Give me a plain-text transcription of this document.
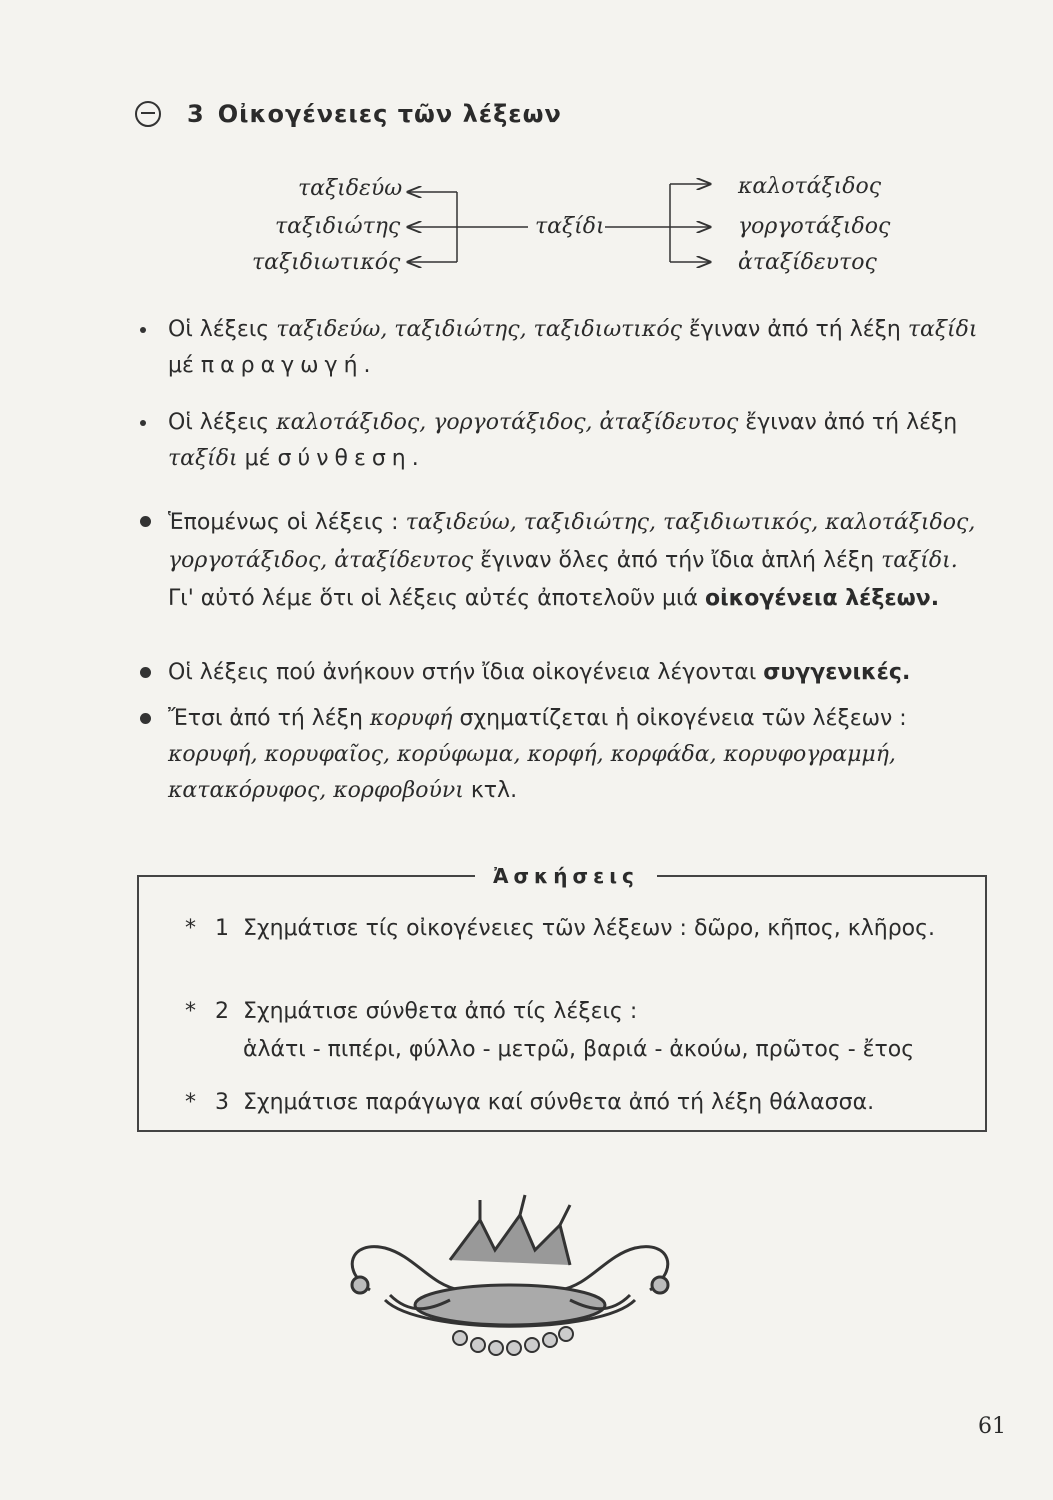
3 Οἰκογένειες τῶν λέξεων
ταξιδεύω
ταξιδιώτης
ταξιδιωτικός
ταξίδι
καλοτάξιδος
γοργοτάξιδος
ἀταξίδευτος
Οἱ λέξεις ταξιδεύω, ταξιδιώτης, ταξιδιωτικός ἔγιναν ἀπό τή λέξη ταξίδι μέ παραγωγή.
Οἱ λέξεις καλοτάξιδος, γοργοτάξιδος, ἀταξίδευτος ἔγιναν ἀπό τή λέξη ταξίδι μέ σύνθεση.
Ἑπομένως οἱ λέξεις : ταξιδεύω, ταξιδιώτης, ταξιδιωτικός, καλοτάξιδος, γοργοτάξιδος, ἀταξίδευτος ἔγιναν ὅλες ἀπό τήν ἴδια ἁπλή λέξη ταξίδι. Γι' αὐτό λέμε ὅτι οἱ λέξεις αὐτές ἀποτελοῦν μιά οἰκογένεια λέξεων.
Οἱ λέξεις πού ἀνήκουν στήν ἴδια οἰκογένεια λέγονται συγγενικές.
Ἔτσι ἀπό τή λέξη κορυφή σχηματίζεται ἡ οἰκογένεια τῶν λέξεων : κορυφή, κορυφαῖος, κορύφωμα, κορφή, κορφάδα, κορυφογραμμή, κατακόρυφος, κορφοβούνι κτλ.
Ἀσκήσεις
* 1 Σχημάτισε τίς οἰκογένειες τῶν λέξεων : δῶρο, κῆπος, κλῆρος.
* 2 Σχημάτισε σύνθετα ἀπό τίς λέξεις :
ἁλάτι - πιπέρι, φύλλο - μετρῶ, βαριά - ἀκούω, πρῶτος - ἔτος
* 3 Σχημάτισε παράγωγα καί σύνθετα ἀπό τή λέξη θάλασσα.
61
